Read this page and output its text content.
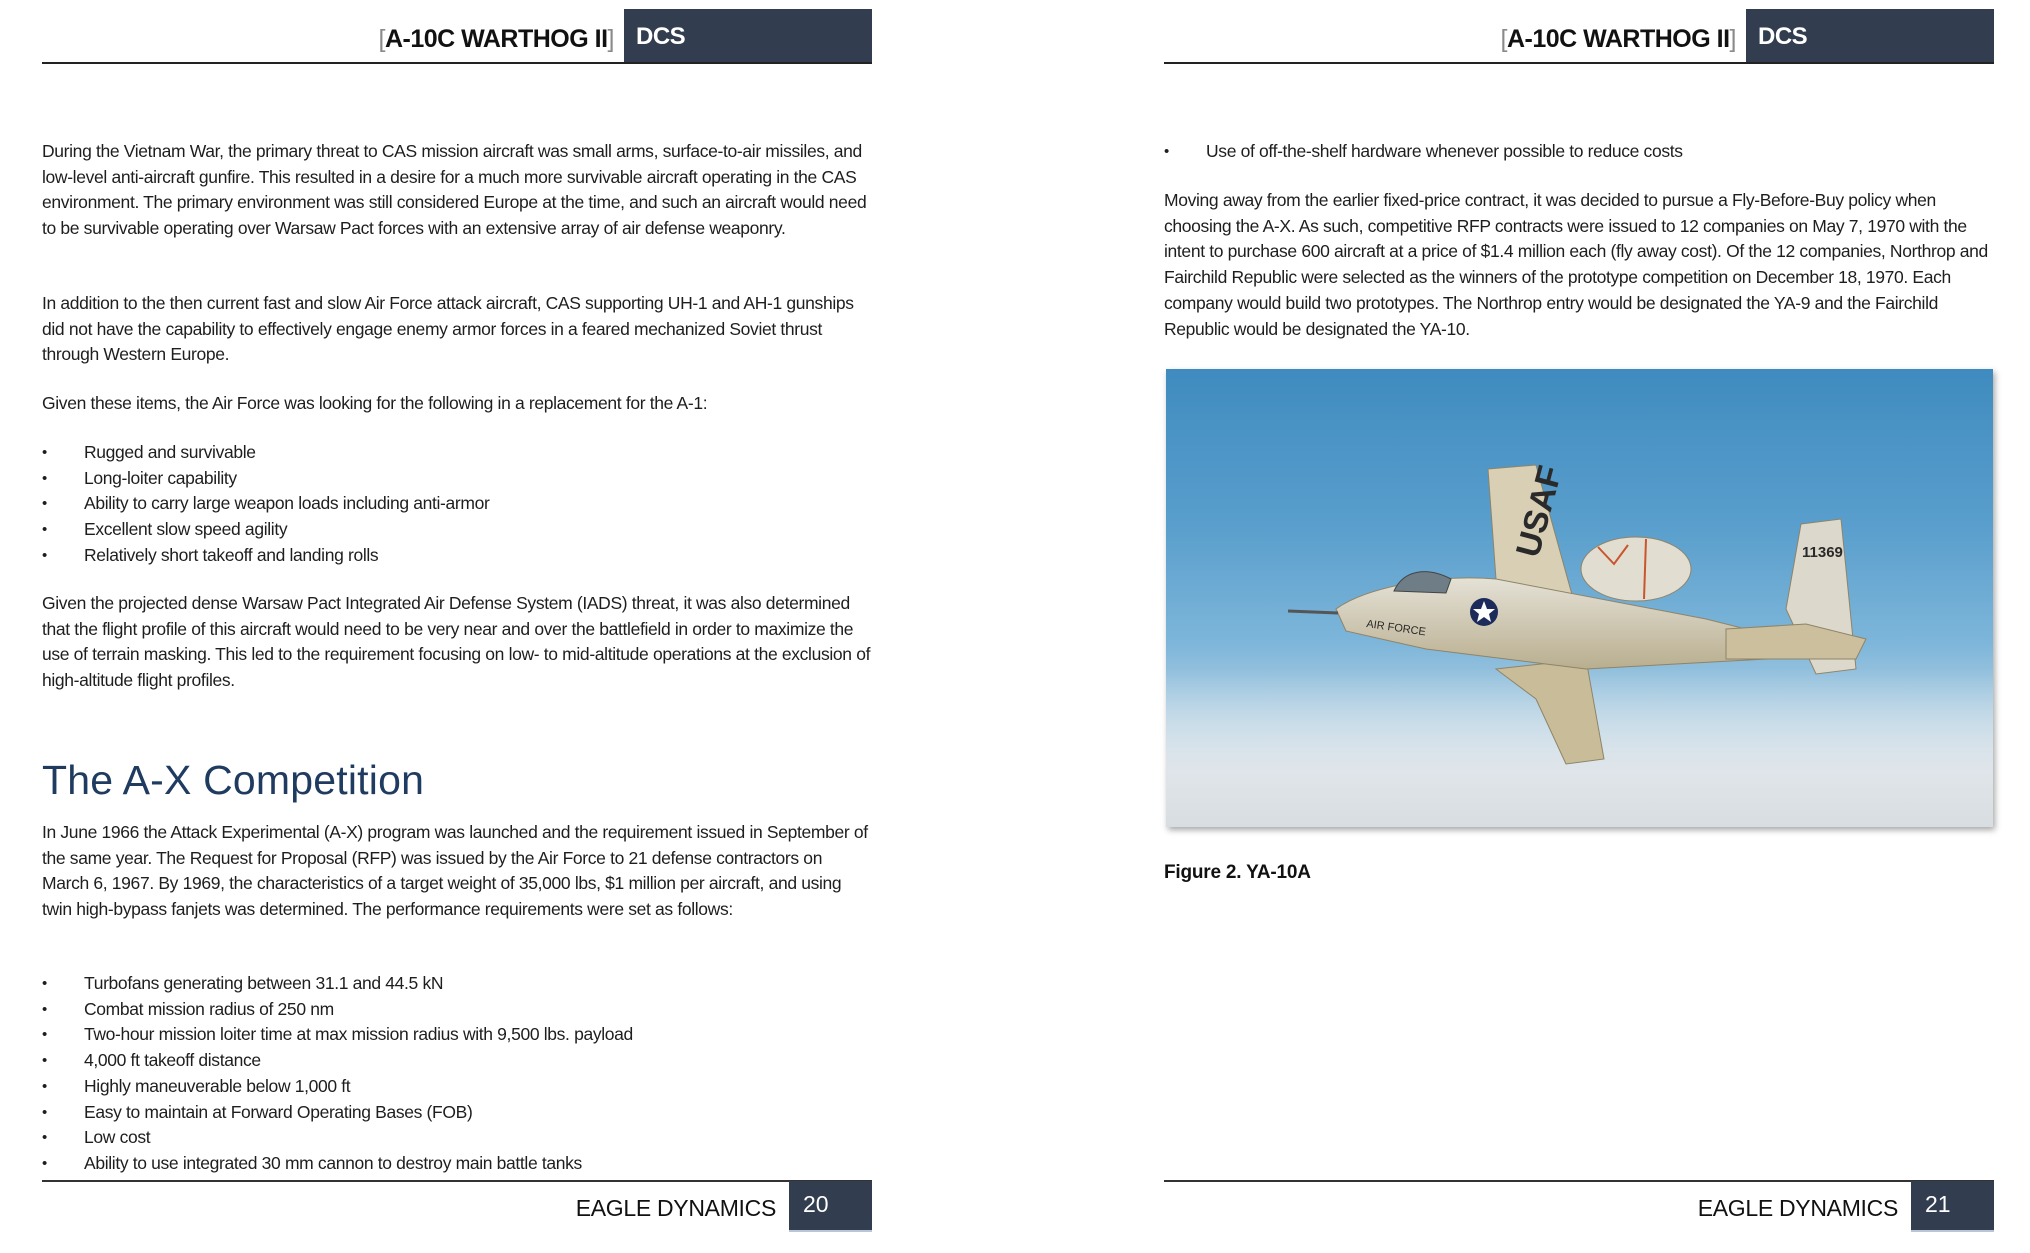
[A-10C WARTHOG II] DCS

During the Vietnam War, the primary threat to CAS mission aircraft was small arms, surface-to-air missiles, and low-level anti-aircraft gunfire. This resulted in a desire for a much more survivable aircraft operating in the CAS environment. The primary environment was still considered Europe at the time, and such an aircraft would need to be survivable operating over Warsaw Pact forces with an extensive array of air defense weaponry.

In addition to the then current fast and slow Air Force attack aircraft, CAS supporting UH-1 and AH-1 gunships did not have the capability to effectively engage enemy armor forces in a feared mechanized Soviet thrust through Western Europe.

Given these items, the Air Force was looking for the following in a replacement for the A-1:

•	Rugged and survivable
•	Long-loiter capability
•	Ability to carry large weapon loads including anti-armor
•	Excellent slow speed agility
•	Relatively short takeoff and landing rolls

Given the projected dense Warsaw Pact Integrated Air Defense System (IADS) threat, it was also determined that the flight profile of this aircraft would need to be very near and over the battlefield in order to maximize the use of terrain masking. This led to the requirement focusing on low- to mid-altitude operations at the exclusion of high-altitude flight profiles.

The A-X Competition

In June 1966 the Attack Experimental (A-X) program was launched and the requirement issued in September of the same year. The Request for Proposal (RFP) was issued by the Air Force to 21 defense contractors on March 6, 1967. By 1969, the characteristics of a target weight of 35,000 lbs, $1 million per aircraft, and using twin high-bypass fanjets was determined. The performance requirements were set as follows:

•	Turbofans generating between 31.1 and 44.5 kN
•	Combat mission radius of 250 nm
•	Two-hour mission loiter time at max mission radius with 9,500 lbs. payload
•	4,000 ft takeoff distance
•	Highly maneuverable below 1,000 ft
•	Easy to maintain at Forward Operating Bases (FOB)
•	Low cost
•	Ability to use integrated 30 mm cannon to destroy main battle tanks
EAGLE DYNAMICS 20
[A-10C WARTHOG II] DCS
•	Use of off-the-shelf hardware whenever possible to reduce costs

Moving away from the earlier fixed-price contract, it was decided to pursue a Fly-Before-Buy policy when choosing the A-X. As such, competitive RFP contracts were issued to 12 companies on May 7, 1970 with the intent to purchase 600 aircraft at a price of $1.4 million each (fly away cost). Of the 12 companies, Northrop and Fairchild Republic were selected as the winners of the prototype competition on December 18, 1970. Each company would build two prototypes. The Northrop entry would be designated the YA-9 and the Fairchild Republic would be designated the YA-10.

USAF
AIR FORCE
11369
Figure 2. YA-10A
EAGLE DYNAMICS 21
